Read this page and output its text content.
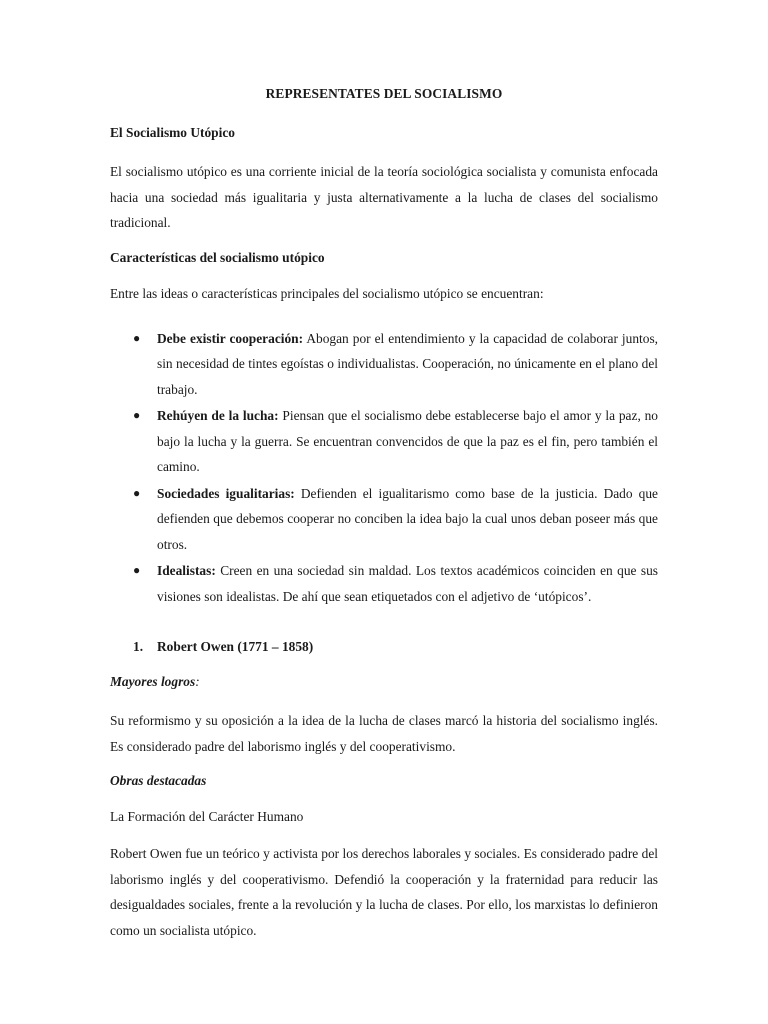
REPRESENTATES DEL SOCIALISMO
El Socialismo Utópico

El socialismo utópico es una corriente inicial de la teoría sociológica socialista y comunista enfocada hacia una sociedad más igualitaria y justa alternativamente a la lucha de clases del socialismo tradicional.

Características del socialismo utópico

Entre las ideas o características principales del socialismo utópico se encuentran:

● Debe existir cooperación: Abogan por el entendimiento y la capacidad de colaborar juntos, sin necesidad de tintes egoístas o individualistas. Cooperación, no únicamente en el plano del trabajo.
● Rehúyen de la lucha: Piensan que el socialismo debe establecerse bajo el amor y la paz, no bajo la lucha y la guerra. Se encuentran convencidos de que la paz es el fin, pero también el camino.
● Sociedades igualitarias: Defienden el igualitarismo como base de la justicia. Dado que defienden que debemos cooperar no conciben la idea bajo la cual unos deban poseer más que otros.
● Idealistas: Creen en una sociedad sin maldad. Los textos académicos coinciden en que sus visiones son idealistas. De ahí que sean etiquetados con el adjetivo de ‘utópicos’.
1. Robert Owen (1771 – 1858)
Mayores logros:

Su reformismo y su oposición a la idea de la lucha de clases marcó la historia del socialismo inglés. Es considerado padre del laborismo inglés y del cooperativismo.

Obras destacadas
La Formación del Carácter Humano

Robert Owen fue un teórico y activista por los derechos laborales y sociales. Es considerado padre del laborismo inglés y del cooperativismo. Defendió la cooperación y la fraternidad para reducir las desigualdades sociales, frente a la revolución y la lucha de clases. Por ello, los marxistas lo definieron como un socialista utópico.
